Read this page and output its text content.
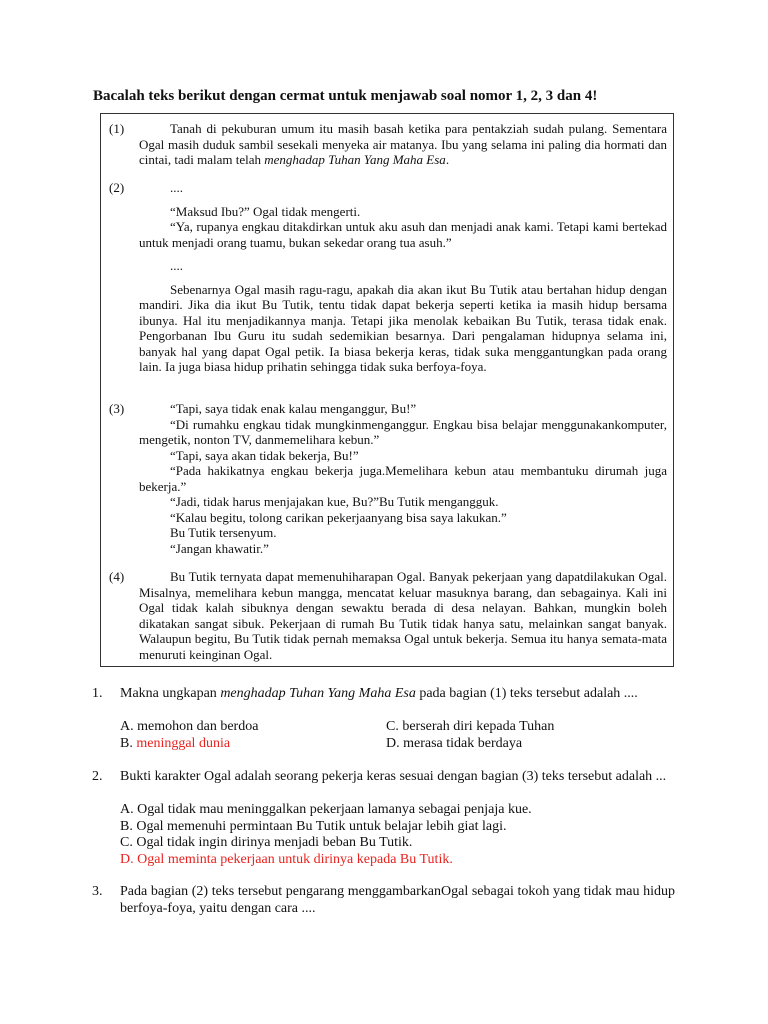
Bacalah teks berikut dengan cermat untuk menjawab soal nomor 1, 2, 3 dan 4!
(1)	Tanah di pekuburan umum itu masih basah ketika para pentakziah sudah pulang. Sementara Ogal masih duduk sambil sesekali menyeka air matanya. Ibu yang selama ini paling dia hormati dan cintai, tadi malam telah menghadap Tuhan Yang Maha Esa.

(2)	....

“Maksud Ibu?” Ogal tidak mengerti.

“Ya, rupanya engkau ditakdirkan untuk aku asuh dan menjadi anak kami. Tetapi kami bertekad untuk menjadi orang tuamu, bukan sekedar orang tua asuh.”

....

Sebenarnya Ogal masih ragu-ragu, apakah dia akan ikut Bu Tutik atau bertahan hidup dengan mandiri. Jika dia ikut Bu Tutik, tentu tidak dapat bekerja seperti ketika ia masih hidup bersama ibunya. Hal itu menjadikannya manja. Tetapi jika menolak kebaikan Bu Tutik, terasa tidak enak. Pengorbanan Ibu Guru itu sudah sedemikian besarnya. Dari pengalaman hidupnya selama ini, banyak hal yang dapat Ogal petik. Ia biasa bekerja keras, tidak suka menggantungkan pada orang lain. Ia juga biasa hidup prihatin sehingga tidak suka berfoya-foya.

(3)	“Tapi, saya tidak enak kalau menganggur, Bu!”

“Di rumahku engkau tidak mungkinmenganggur. Engkau bisa belajar menggunakankomputer, mengetik, nonton TV, danmemelihara kebun.”

“Tapi, saya akan tidak bekerja, Bu!”

“Pada hakikatnya engkau bekerja juga.Memelihara kebun atau membantuku dirumah juga bekerja.”

“Jadi, tidak harus menjajakan kue, Bu?”Bu Tutik mengangguk.

“Kalau begitu, tolong carikan pekerjaanyang bisa saya lakukan.”

Bu Tutik tersenyum.

“Jangan khawatir.”

(4)	Bu Tutik ternyata dapat memenuhiharapan Ogal. Banyak pekerjaan yang dapatdilakukan Ogal. Misalnya, memelihara kebun mangga, mencatat keluar masuknya barang, dan sebagainya. Kali ini Ogal tidak kalah sibuknya dengan sewaktu berada di desa nelayan. Bahkan, mungkin boleh dikatakan sangat sibuk. Pekerjaan di rumah Bu Tutik tidak hanya satu, melainkan sangat banyak. Walaupun begitu, Bu Tutik tidak pernah memaksa Ogal untuk bekerja. Semua itu hanya semata-mata menuruti keinginan Ogal.

1. Makna ungkapan menghadap Tuhan Yang Maha Esa pada bagian (1) teks tersebut adalah ....
A. memohon dan berdoa
B. meninggal dunia
C. berserah diri kepada Tuhan
D. merasa tidak berdaya
2. Bukti karakter Ogal adalah seorang pekerja keras sesuai dengan bagian (3) teks tersebut adalah ...
A. Ogal tidak mau meninggalkan pekerjaan lamanya sebagai penjaja kue.
B. Ogal memenuhi permintaan Bu Tutik untuk belajar lebih giat lagi.
C. Ogal tidak ingin dirinya menjadi beban Bu Tutik.
D. Ogal meminta pekerjaan untuk dirinya kepada Bu Tutik.
3. Pada bagian (2) teks tersebut pengarang menggambarkanOgal sebagai tokoh yang tidak mau hidup berfoya-foya, yaitu dengan cara ....
